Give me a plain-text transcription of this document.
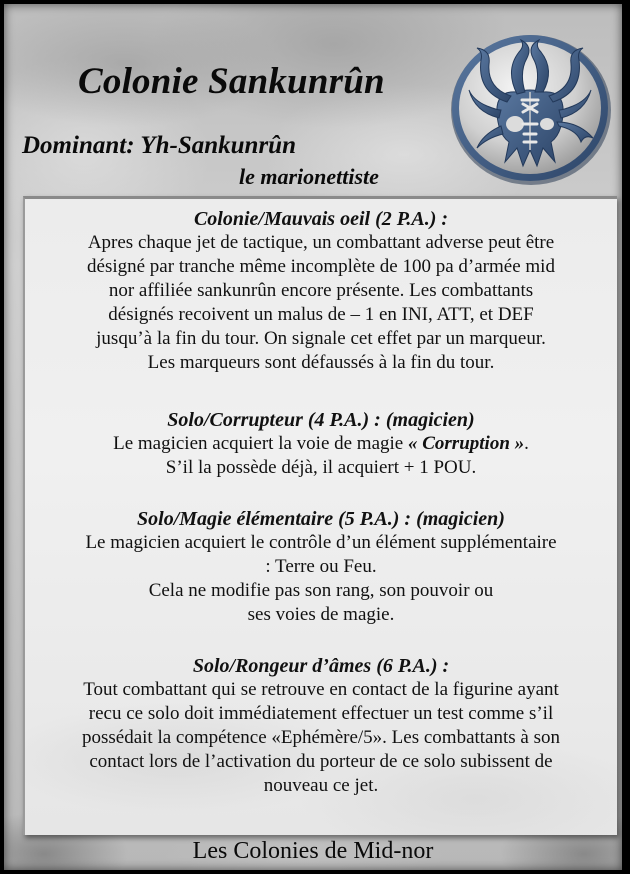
Colonie Sankunrûn
Dominant: Yh-Sankunrûn
le marionettiste

Colonie/Mauvais oeil (2 P.A.) :

Apres chaque jet de tactique, un combattant adverse peut être
désigné par tranche même incomplète de 100 pa d’armée mid
nor affiliée sankunrûn encore présente. Les combattants
désignés recoivent un malus de – 1 en INI, ATT, et DEF
jusqu’à la fin du tour. On signale cet effet par un marqueur.
Les marqueurs sont défaussés à la fin du tour.

Solo/Corrupteur (4 P.A.) : (magicien)

Le magicien acquiert la voie de magie « Corruption ».
S’il la possède déjà, il acquiert + 1 POU.

Solo/Magie élémentaire (5 P.A.) : (magicien)

Le magicien acquiert le contrôle d’un élément supplémentaire
: Terre ou Feu.
Cela ne modifie pas son rang, son pouvoir ou
ses voies de magie.

Solo/Rongeur d’âmes (6 P.A.) :

Tout combattant qui se retrouve en contact de la figurine ayant
recu ce solo doit immédiatement effectuer un test comme s’il
possédait la compétence «Ephémère/5». Les combattants à son
contact lors de l’activation du porteur de ce solo subissent de
nouveau ce jet.

Les Colonies de Mid-nor
